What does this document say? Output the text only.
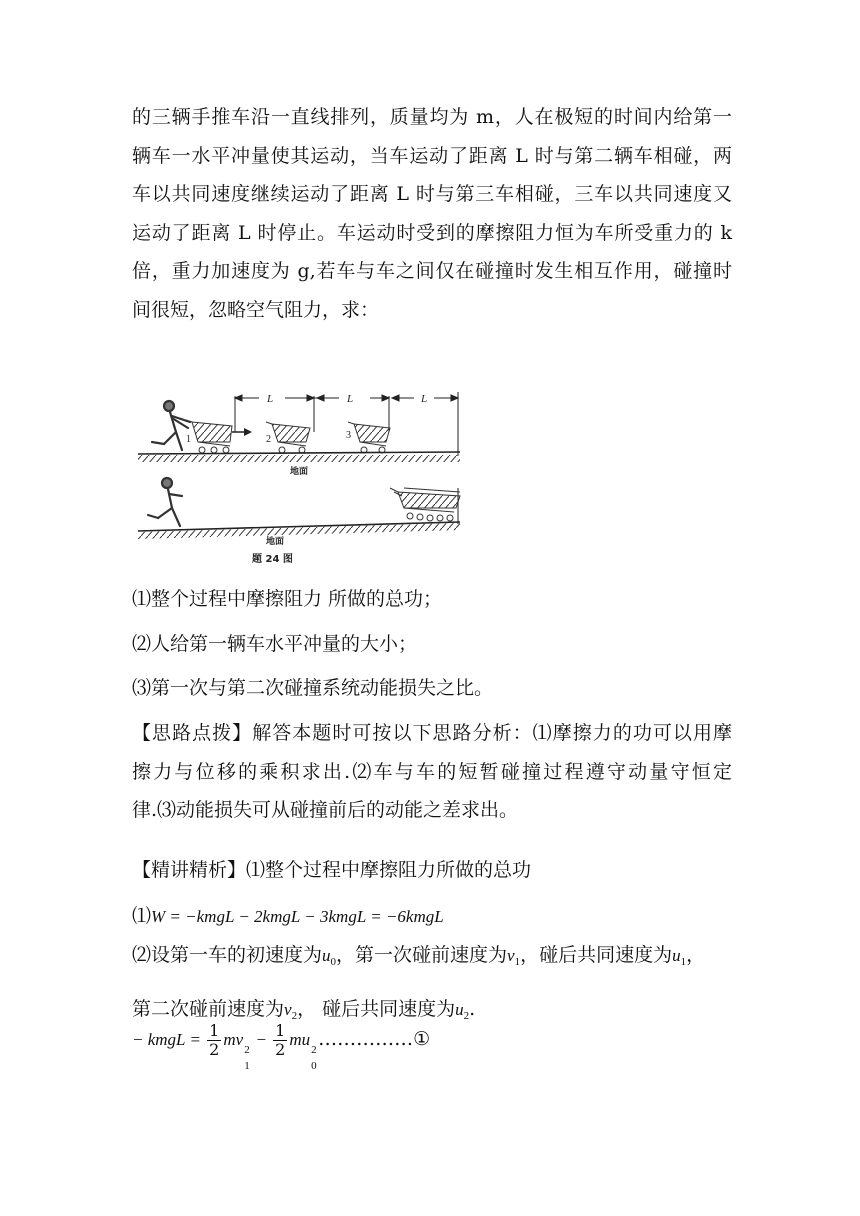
的三辆手推车沿一直线排列，质量均为 m，人在极短的时间内给第一
辆车一水平冲量使其运动，当车运动了距离 L 时与第二辆车相碰，两
车以共同速度继续运动了距离 L 时与第三车相碰，三车以共同速度又
运动了距离 L 时停止。车运动时受到的摩擦阻力恒为车所受重力的 k
倍，重力加速度为 g,若车与车之间仅在碰撞时发生相互作用，碰撞时
间很短，忽略空气阻力，求：
L	L	L
1	2	3
地面
地面
题 24 图
⑴整个过程中摩擦阻力 所做的总功；
⑵人给第一辆车水平冲量的大小；
⑶第一次与第二次碰撞系统动能损失之比。
【思路点拨】解答本题时可按以下思路分析：⑴摩擦力的功可以用摩
擦力与位移的乘积求出.⑵车与车的短暂碰撞过程遵守动量守恒定
律.⑶动能损失可从碰撞前后的动能之差求出。
【精讲精析】⑴整个过程中摩擦阻力所做的总功
⑴W = −kmgL − 2kmgL − 3kmgL = −6kmgL
⑵设第一车的初速度为$u_0$，第一次碰前速度为$v_1$，碰后共同速度为$u_1$，
第二次碰前速度为$v_2$， 碰后共同速度为$u_2$.
− kmgL = $\frac{1}{2}$ mv
2
1
− $\frac{1}{2}$ mu
2
0
……………①
